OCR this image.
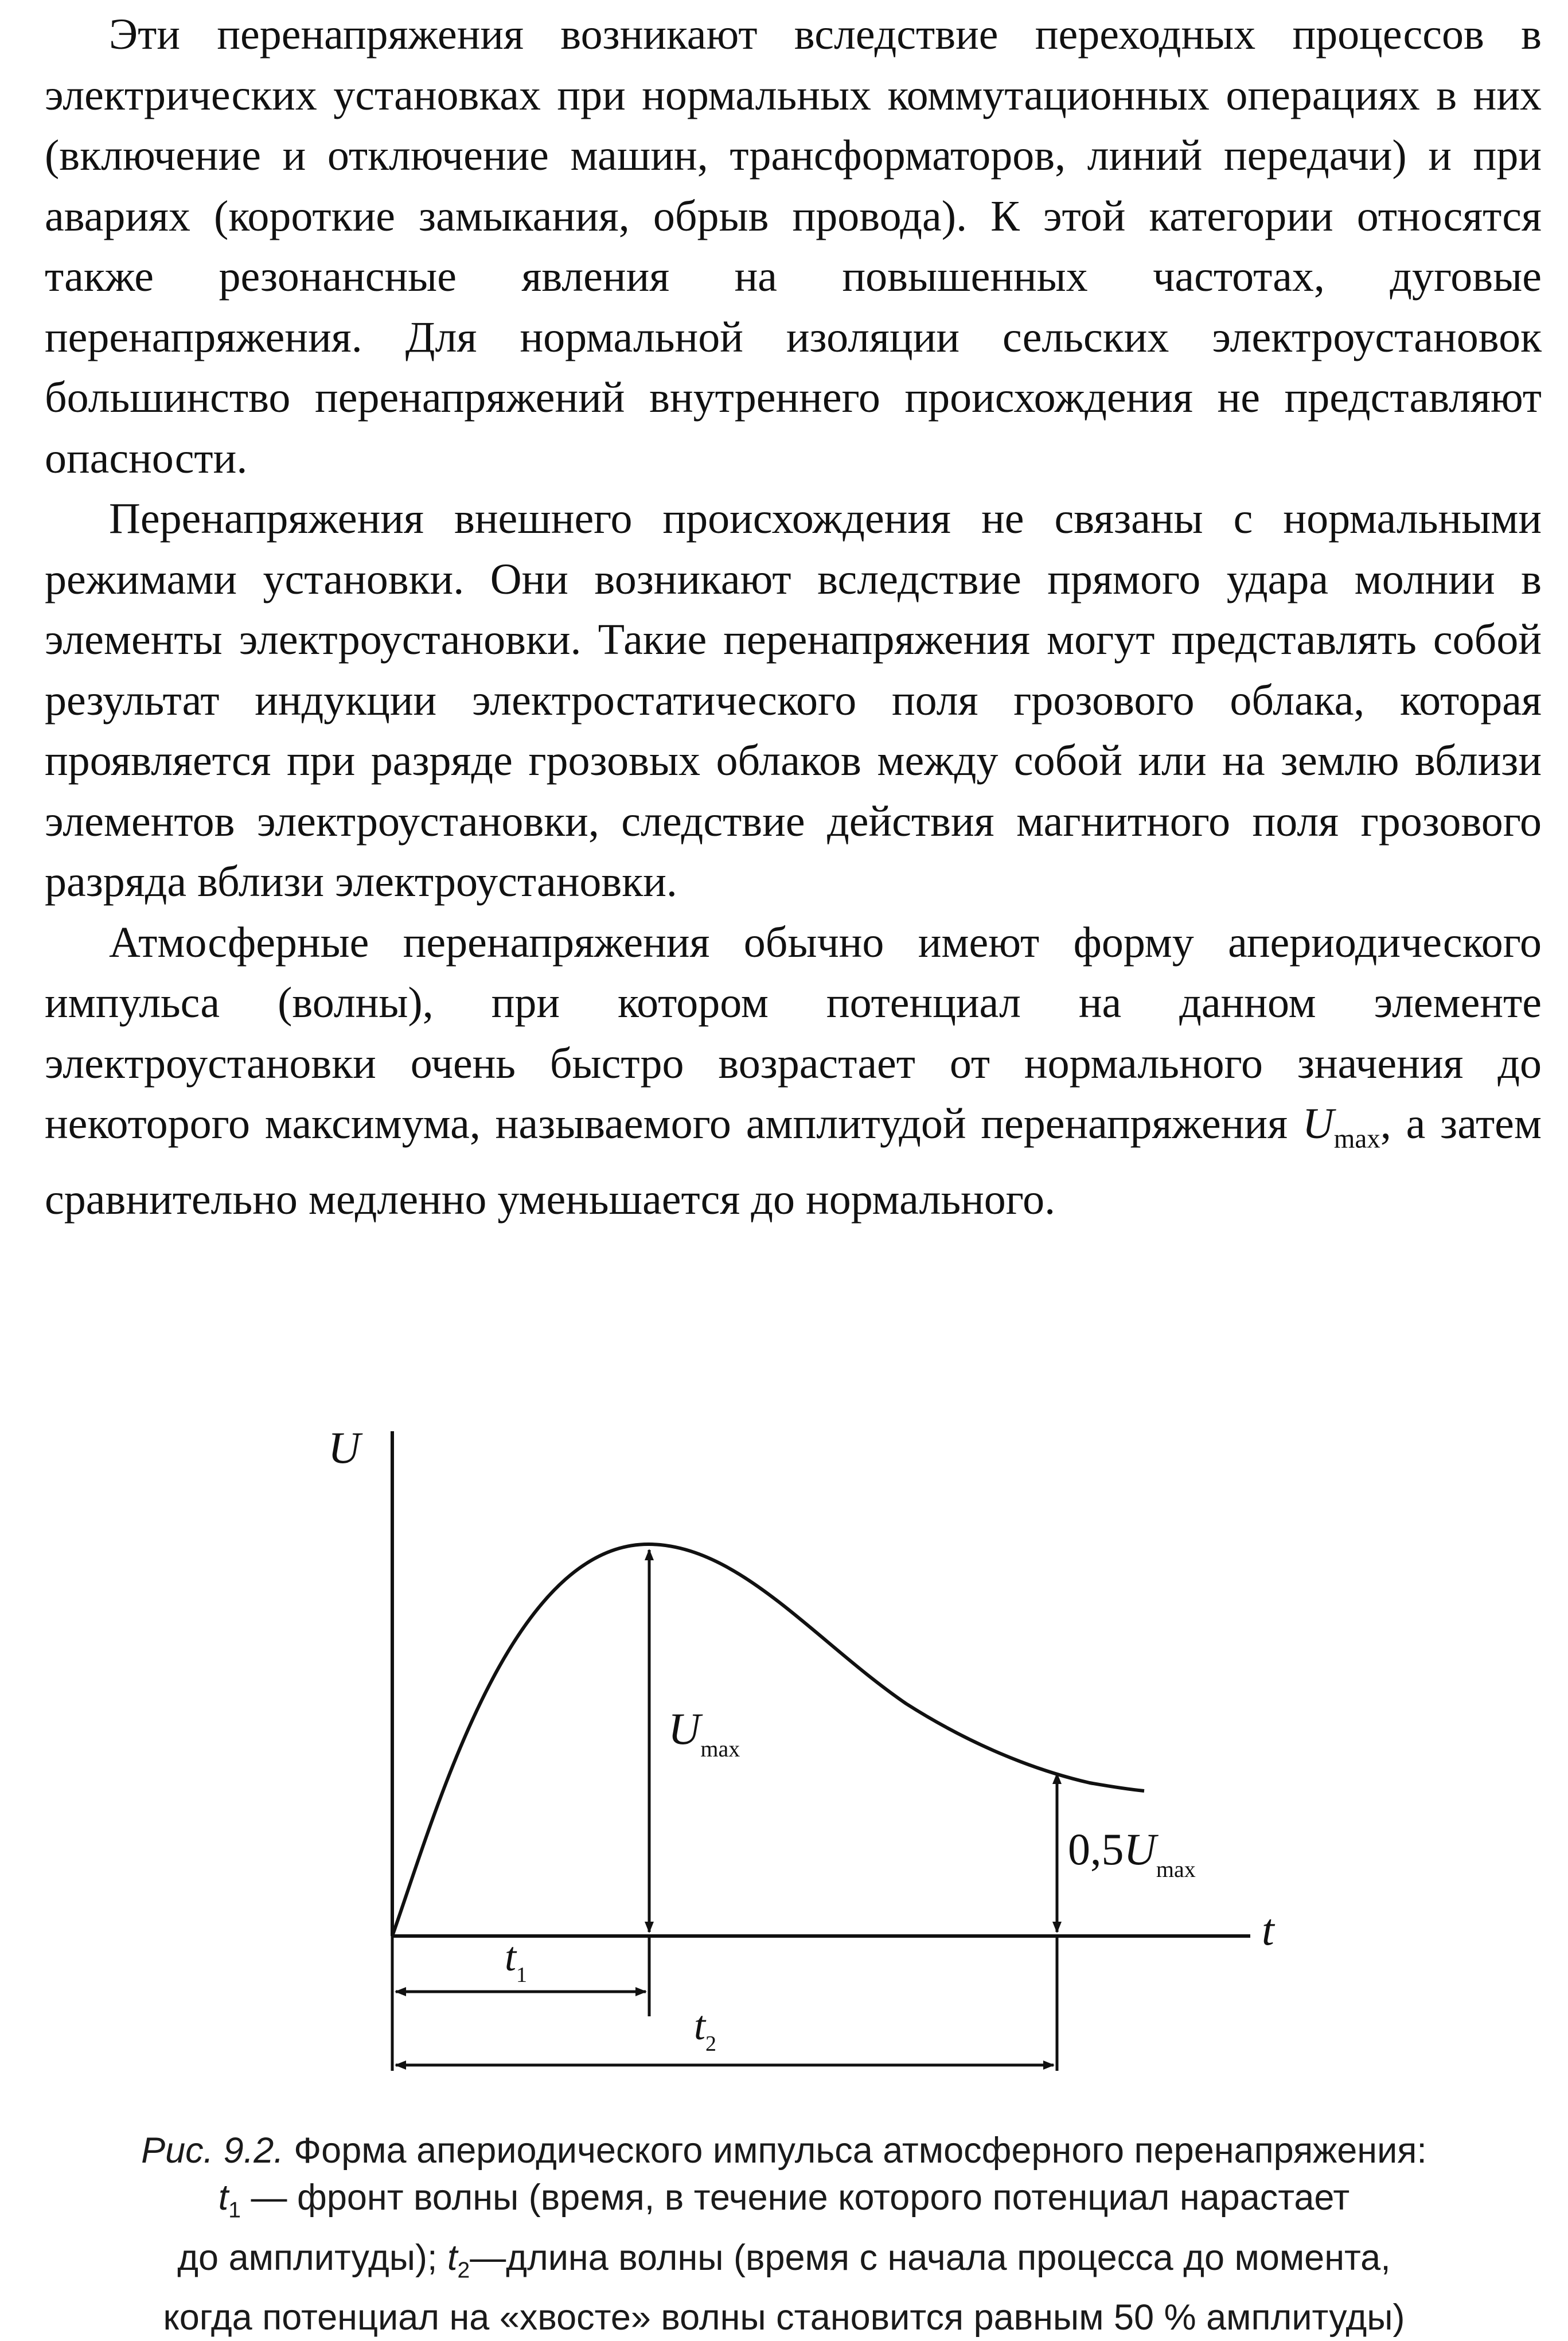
Эти перенапряжения возникают вследствие переходных процессов в электрических установках при нормальных коммутационных операциях в них (включение и отключение машин, трансформаторов, линий передачи) и при авариях (короткие замыкания, обрыв провода). К этой категории относятся также резонансные явления на повышенных частотах, дуговые перенапряжения. Для нормальной изоляции сельских электроустановок большинство перенапряжений внутреннего происхождения не представляют опасности.

Перенапряжения внешнего происхождения не связаны с нормальными режимами установки. Они возникают вследствие прямого удара молнии в элементы электроустановки. Такие перенапряжения могут представлять собой результат индукции электростатического поля грозового облака, которая проявляется при разряде грозовых облаков между собой или на землю вблизи элементов электроустановки, следствие действия магнитного поля грозового разряда вблизи электроустановки.

Атмосферные перенапряжения обычно имеют форму апериодического импульса (волны), при котором потенциал на данном элементе электроустановки очень быстро возрастает от нормального значения до некоторого максимума, называемого амплитудой перенапряжения $U_{max}$, а затем сравнительно медленно уменьшается до нормального.

U
t
$U_{max}$
$0,5U_{max}$
$t_1$
$t_2$
Рис. 9.2. Форма апериодического импульса атмосферного перенапряжения:
$t_1$ — фронт волны (время, в течение которого потенциал нарастает
до амплитуды); $t_2—длина$ волны (время с начала процесса до момента,
когда потенциал на «хвосте» волны становится равным 50 % амплитуды)
